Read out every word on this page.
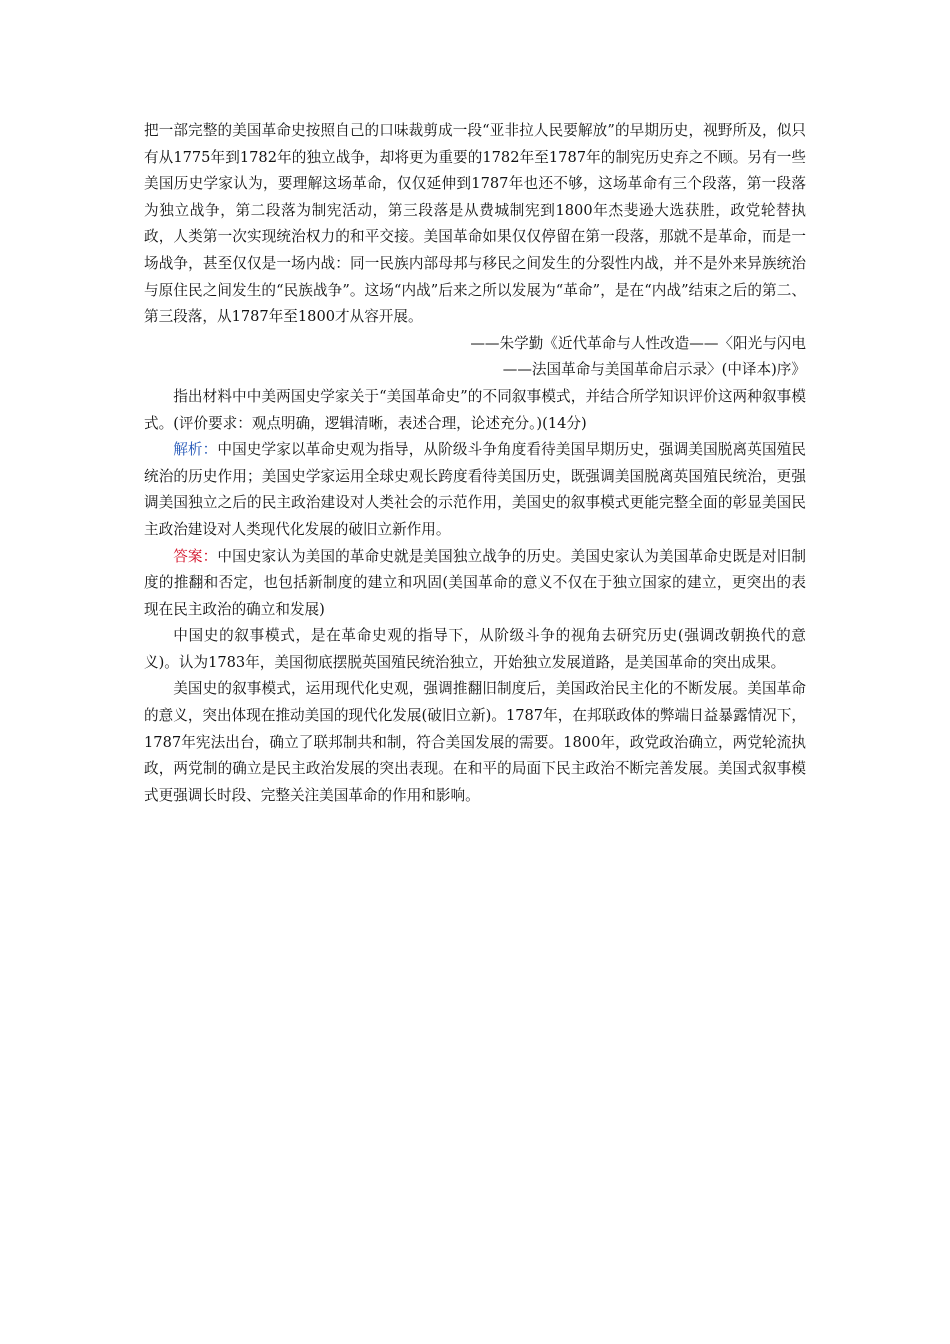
把一部完整的美国革命史按照自己的口味裁剪成一段“亚非拉人民要解放”的早期历史，视野所及，似只有从1775年到1782年的独立战争，却将更为重要的1782年至1787年的制宪历史弃之不顾。另有一些美国历史学家认为，要理解这场革命，仅仅延伸到1787年也还不够，这场革命有三个段落，第一段落为独立战争，第二段落为制宪活动，第三段落是从费城制宪到1800年杰斐逊大选获胜，政党轮替执政，人类第一次实现统治权力的和平交接。美国革命如果仅仅停留在第一段落，那就不是革命，而是一场战争，甚至仅仅是一场内战：同一民族内部母邦与移民之间发生的分裂性内战，并不是外来异族统治与原住民之间发生的“民族战争”。这场“内战”后来之所以发展为“革命”，是在“内战”结束之后的第二、第三段落，从1787年至1800才从容开展。

——朱学勤《近代革命与人性改造——〈阳光与闪电

——法国革命与美国革命启示录〉(中译本)序》

指出材料中中美两国史学家关于“美国革命史”的不同叙事模式，并结合所学知识评价这两种叙事模式。(评价要求：观点明确，逻辑清晰，表述合理，论述充分。)(14分)

解析：中国史学家以革命史观为指导，从阶级斗争角度看待美国早期历史，强调美国脱离英国殖民统治的历史作用；美国史学家运用全球史观长跨度看待美国历史，既强调美国脱离英国殖民统治，更强调美国独立之后的民主政治建设对人类社会的示范作用，美国史的叙事模式更能完整全面的彰显美国民主政治建设对人类现代化发展的破旧立新作用。

答案：中国史家认为美国的革命史就是美国独立战争的历史。美国史家认为美国革命史既是对旧制度的推翻和否定，也包括新制度的建立和巩固(美国革命的意义不仅在于独立国家的建立，更突出的表现在民主政治的确立和发展)

中国史的叙事模式，是在革命史观的指导下，从阶级斗争的视角去研究历史(强调改朝换代的意义)。认为1783年，美国彻底摆脱英国殖民统治独立，开始独立发展道路，是美国革命的突出成果。

美国史的叙事模式，运用现代化史观，强调推翻旧制度后，美国政治民主化的不断发展。美国革命的意义，突出体现在推动美国的现代化发展(破旧立新)。1787年，在邦联政体的弊端日益暴露情况下，1787年宪法出台，确立了联邦制共和制，符合美国发展的需要。1800年，政党政治确立，两党轮流执政，两党制的确立是民主政治发展的突出表现。在和平的局面下民主政治不断完善发展。美国式叙事模式更强调长时段、完整关注美国革命的作用和影响。
